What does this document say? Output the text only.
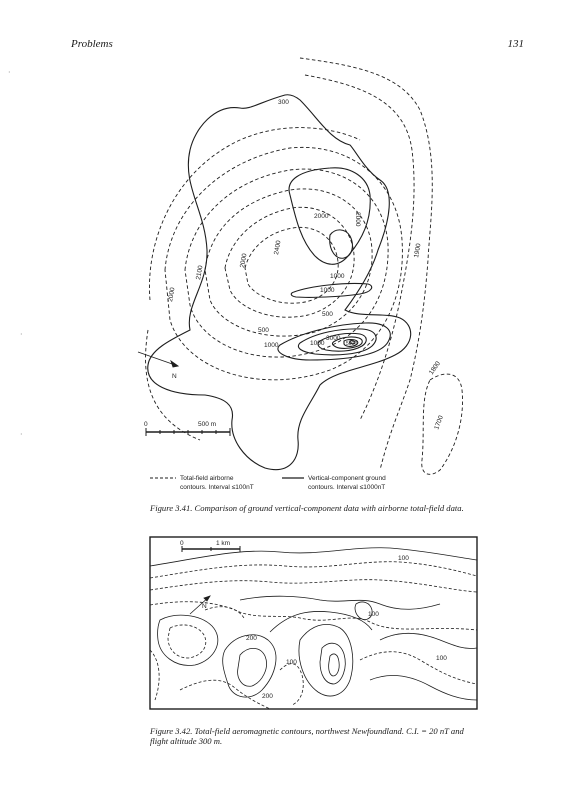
Problems	131
·
·
·
N
300
2000	2000
1000
1000
1000	1000
500
500
2100
2000
2400
2000
1900
1800
1700
3000
5000
0	500 m
Total-field airborne
contours. Interval ≤100nT
Vertical-component ground
contours. Interval ≤1000nT
0	1 km
N
100
100
100
200
100
200
Figure 3.41. Comparison of ground vertical-component data with airborne total-field data.
Figure 3.42. Total-field aeromagnetic contours, northwest Newfoundland. C.I. = 20 nT and flight altitude 300 m.
